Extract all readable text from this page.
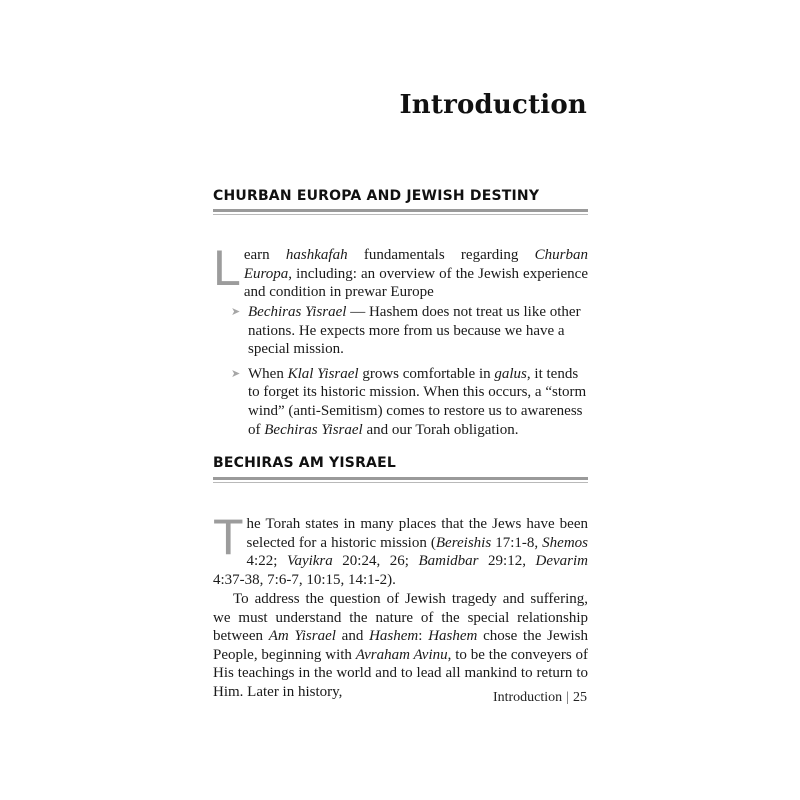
Introduction
CHURBAN EUROPA AND JEWISH DESTINY

L earn hashkafah fundamentals regarding Churban Europa, including: an overview of the Jewish experience and condition in prewar Europe

➤ Bechiras Yisrael — Hashem does not treat us like other nations. He expects more from us because we have a special mission.
➤ When Klal Yisrael grows comfortable in galus, it tends to forget its historic mission. When this occurs, a “storm wind” (anti-Semitism) comes to restore us to awareness of Bechiras Yisrael and our Torah obligation.
BECHIRAS AM YISRAEL

T he Torah states in many places that the Jews have been selected for a historic mission (Bereishis 17:1-8, Shemos 4:22; Vayikra 20:24, 26; Bamidbar 29:12, Devarim 4:37-38, 7:6-7, 10:15, 14:1-2).

To address the question of Jewish tragedy and suffering, we must understand the nature of the special relationship between Am Yisrael and Hashem: Hashem chose the Jewish People, beginning with Avraham Avinu, to be the conveyers of His teachings in the world and to lead all mankind to return to Him. Later in history,	Introduction | 25
